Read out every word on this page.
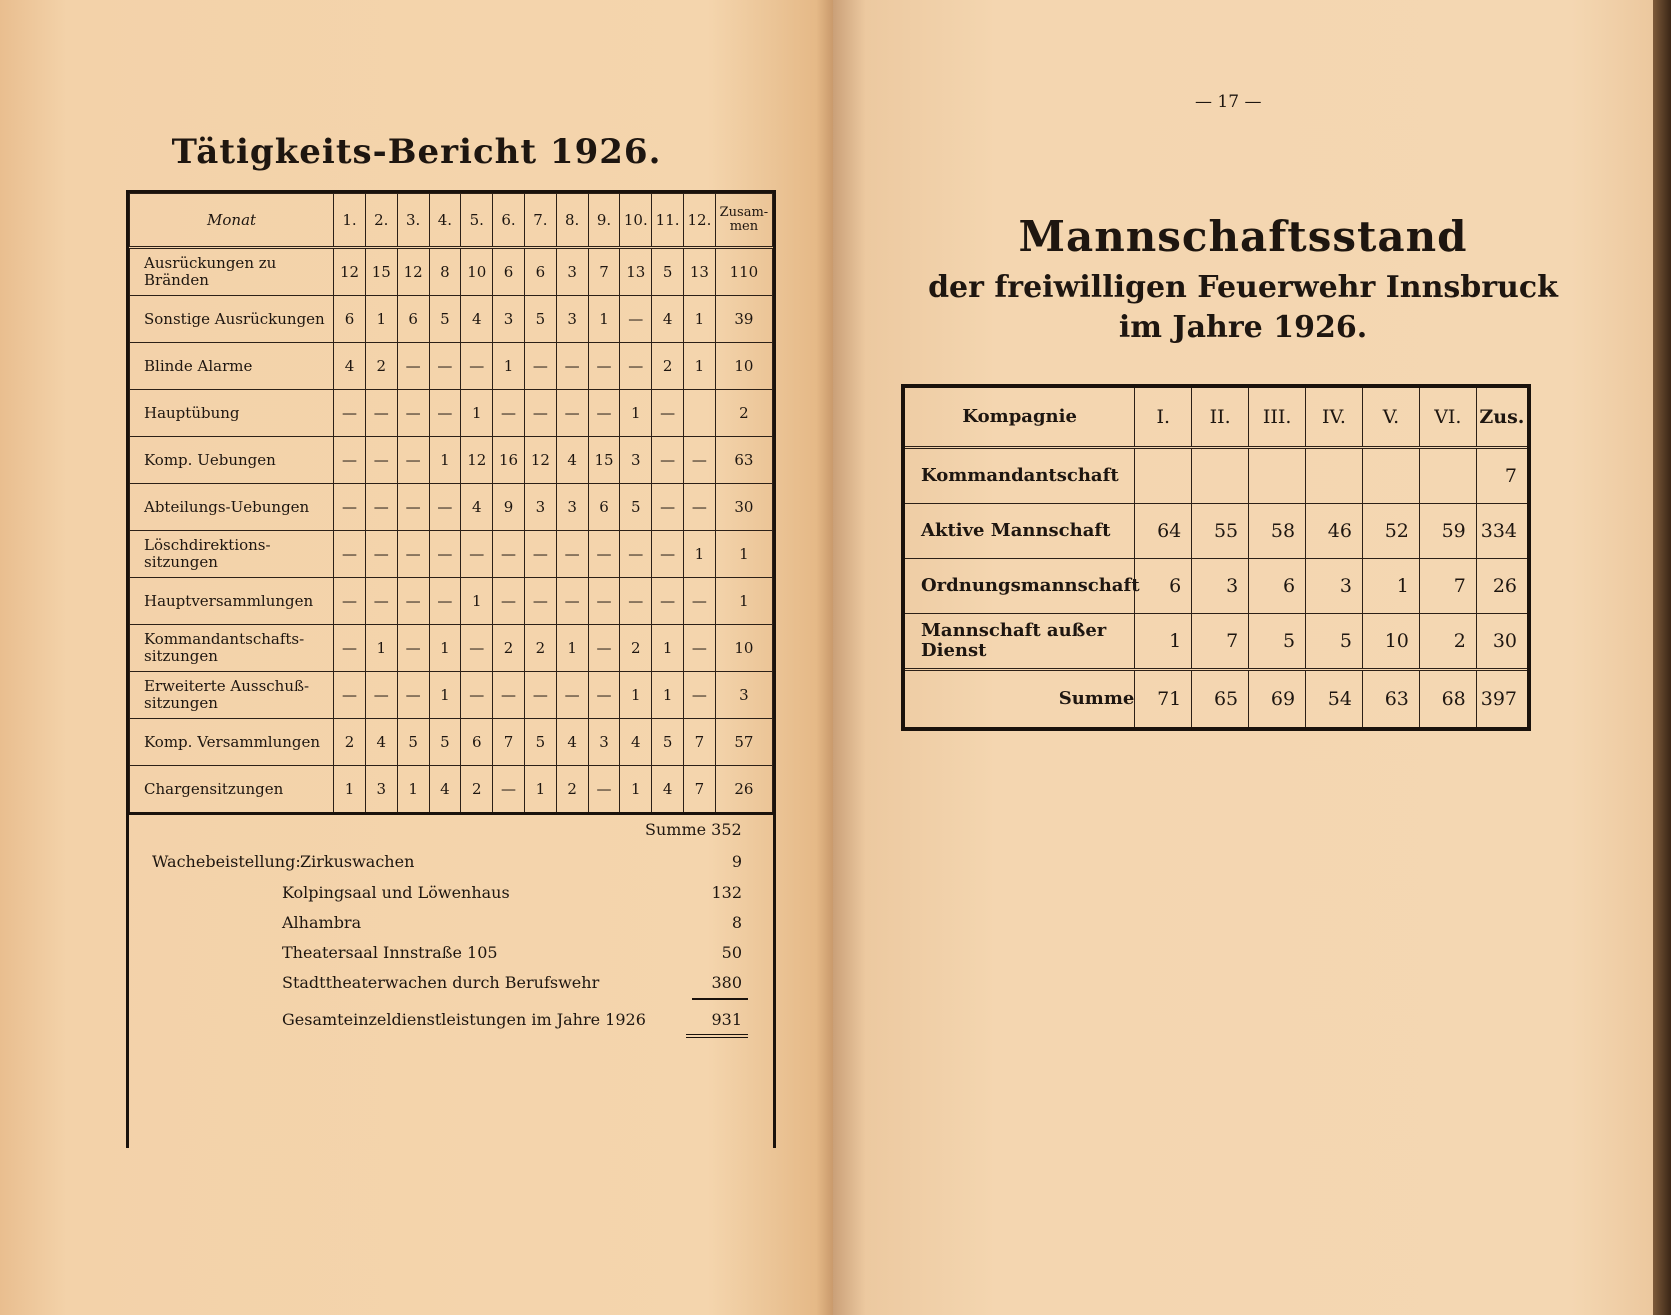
Tätigkeits-Bericht 1926.
Monat	1.	2.	3.	4.	5.	6.	7.	8.	9.	10.	11.	12.	Zusam-men
Ausrückungen zu Bränden	12	15	12	8	10	6	6	3	7	13	5	13	110
Sonstige Ausrückungen	6	1	6	5	4	3	5	3	1	—	4	1	39
Blinde Alarme	4	2	—	—	—	1	—	—	—	—	2	1	10
Hauptübung	—	—	—	—	1	—	—	—	—	1	—		2
Komp. Uebungen	—	—	—	1	12	16	12	4	15	3	—	—	63
Abteilungs-Uebungen	—	—	—	—	4	9	3	3	6	5	—	—	30
Löschdirektions-sitzungen	—	—	—	—	—	—	—	—	—	—	—	1	1
Hauptversammlungen	—	—	—	—	1	—	—	—	—	—	—	—	1
Kommandantschafts-sitzungen	—	1	—	1	—	2	2	1	—	2	1	—	10
Erweiterte Ausschuß-sitzungen	—	—	—	1	—	—	—	—	—	1	1	—	3
Komp. Versammlungen	2	4	5	5	6	7	5	4	3	4	5	7	57
Chargensitzungen	1	3	1	4	2	—	1	2	—	1	4	7	26
Summe 352
Wachebeistellung: Zirkuswachen	9
Kolpingsaal und Löwenhaus	132
Alhambra	8
Theatersaal Innstraße 105	50
Stadttheaterwachen durch Berufswehr	380
Gesamteinzeldienstleistungen im Jahre 1926	931
— 17 —
Mannschaftsstand
der freiwilligen Feuerwehr Innsbruck
im Jahre 1926.
Kompagnie	I.	II.	III.	IV.	V.	VI.	Zus.
Kommandantschaft							7
Aktive Mannschaft	64	55	58	46	52	59	334
Ordnungsmannschaft	6	3	6	3	1	7	26
Mannschaft außer Dienst	1	7	5	5	10	2	30
Summe	71	65	69	54	63	68	397
